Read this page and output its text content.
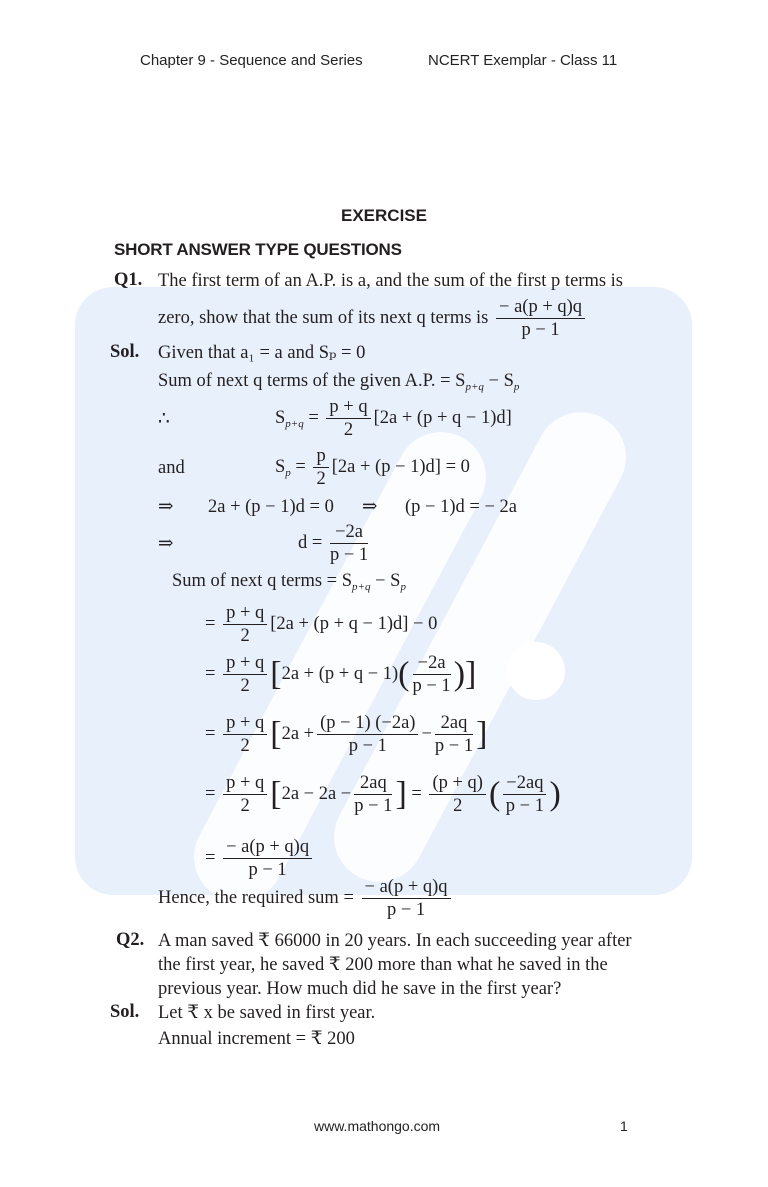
Chapter 9 - Sequence and Series	NCERT Exemplar - Class 11
EXERCISE
SHORT ANSWER TYPE QUESTIONS
Q1. The first term of an A.P. is a, and the sum of the first p terms is
zero, show that the sum of its next q terms is $\frac{- a(p + q)q}{p - 1}$
Sol. Given that a₁ = a and Sₚ = 0
Sum of next q terms of the given A.P. = $S_{p+q} - S_p$
∴	$S_{p+q} = \frac{p + q}{2} [2a + (p + q - 1)d]$
and	$S_p = \frac{p}{2} [2a + (p - 1)d] = 0$
⇒ 2a + (p − 1)d = 0 ⇒ (p − 1)d = − 2a
⇒	$d = \frac{-2a}{p - 1}$
Sum of next q terms = $S_{p+q} - S_p$
= $\frac{p + q}{2} [2a + (p + q - 1)d] - 0$
= $\frac{p + q}{2} [2a + (p + q - 1)( \frac{-2a}{p - 1}$ )]
= $\frac{p + q}{2} [2a + \frac{(p - 1) (-2a)}{p - 1} - \frac{2aq}{p - 1}$ ]
= $\frac{p + q}{2} [2a - 2a - \frac{2aq}{p - 1}$ ] = $\frac{(p + q)}{2}$ ( $\frac{-2aq}{p - 1}$ )
= $\frac{- a(p + q)q}{p - 1}$
Hence, the required sum = $\frac{- a(p + q)q}{p - 1}$
Q2. A man saved ₹ 66000 in 20 years. In each succeeding year after
the first year, he saved ₹ 200 more than what he saved in the
previous year. How much did he save in the first year?
Sol. Let ₹ x be saved in first year.
Annual increment = ₹ 200
www.mathongo.com	1
